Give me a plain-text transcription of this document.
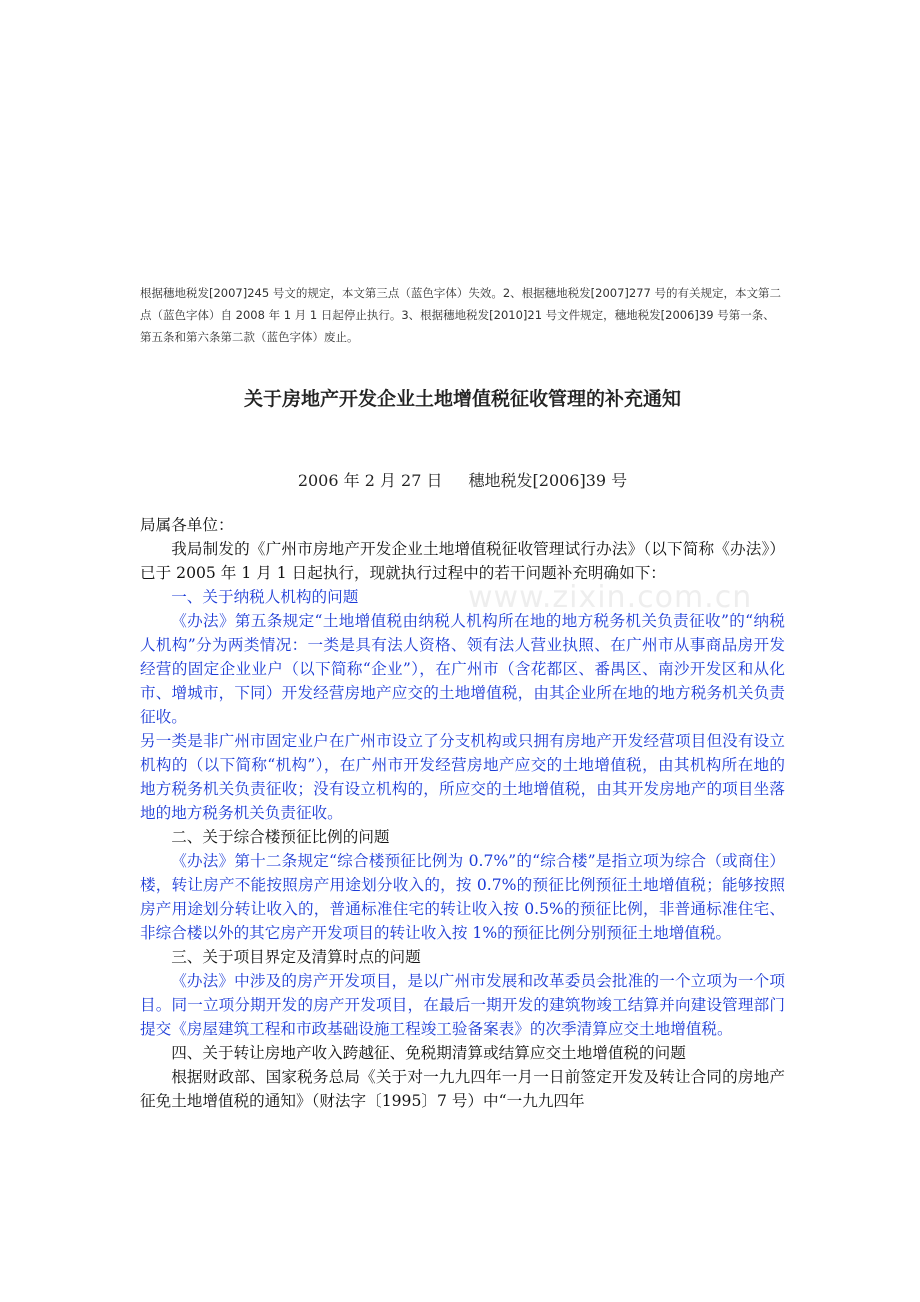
根据穗地税发[2007]245 号文的规定，本文第三点（蓝色字体）失效。2、根据穗地税发[2007]277 号的有关规定，本文第二点（蓝色字体）自 2008 年 1 月 1 日起停止执行。3、根据穗地税发[2010]21 号文件规定，穗地税发[2006]39 号第一条、第五条和第六条第二款（蓝色字体）废止。
关于房地产开发企业土地增值税征收管理的补充通知
2006 年 2 月 27 日 穗地税发[2006]39 号

局属各单位：

我局制发的《广州市房地产开发企业土地增值税征收管理试行办法》（以下简称《办法》）已于 2005 年 1 月 1 日起执行，现就执行过程中的若干问题补充明确如下：

一、关于纳税人机构的问题

《办法》第五条规定“土地增值税由纳税人机构所在地的地方税务机关负责征收”的“纳税人机构”分为两类情况：一类是具有法人资格、领有法人营业执照、在广州市从事商品房开发经营的固定企业业户（以下简称“企业”），在广州市（含花都区、番禺区、南沙开发区和从化市、增城市，下同）开发经营房地产应交的土地增值税，由其企业所在地的地方税务机关负责征收。

另一类是非广州市固定业户在广州市设立了分支机构或只拥有房地产开发经营项目但没有设立机构的（以下简称“机构”），在广州市开发经营房地产应交的土地增值税，由其机构所在地的地方税务机关负责征收；没有设立机构的，所应交的土地增值税，由其开发房地产的项目坐落地的地方税务机关负责征收。

二、关于综合楼预征比例的问题

《办法》第十二条规定“综合楼预征比例为 0.7%”的“综合楼”是指立项为综合（或商住）楼，转让房产不能按照房产用途划分收入的，按 0.7%的预征比例预征土地增值税；能够按照房产用途划分转让收入的，普通标准住宅的转让收入按 0.5%的预征比例，非普通标准住宅、非综合楼以外的其它房产开发项目的转让收入按 1%的预征比例分别预征土地增值税。

三、关于项目界定及清算时点的问题

《办法》中涉及的房产开发项目，是以广州市发展和改革委员会批准的一个立项为一个项目。同一立项分期开发的房产开发项目，在最后一期开发的建筑物竣工结算并向建设管理部门提交《房屋建筑工程和市政基础设施工程竣工验备案表》的次季清算应交土地增值税。

四、关于转让房地产收入跨越征、免税期清算或结算应交土地增值税的问题

根据财政部、国家税务总局《关于对一九九四年一月一日前签定开发及转让合同的房地产征免土地增值税的通知》（财法字〔1995〕7 号）中“一九九四年

www.zixin.com.cn
